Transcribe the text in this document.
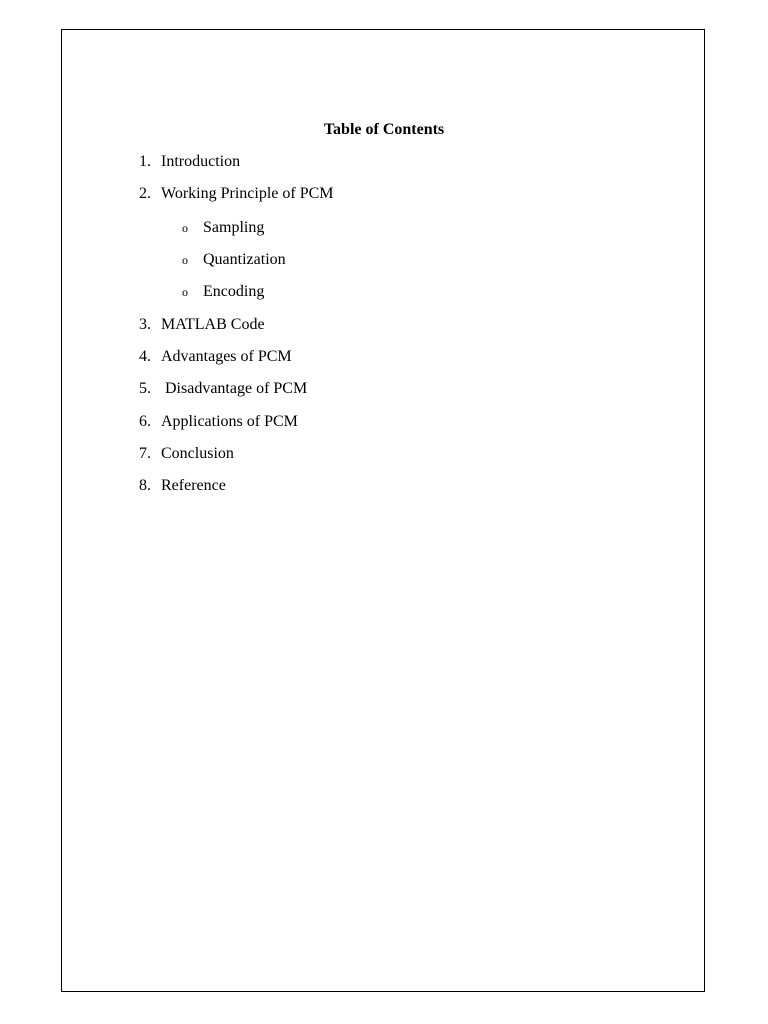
Table of Contents

1.

Introduction

2.

Working Principle of PCM

o

Sampling

o

Quantization

o

Encoding

3.

MATLAB Code

4.

Advantages of PCM

5.

Disadvantage of PCM

6.

Applications of PCM

7.

Conclusion

8.

Reference
